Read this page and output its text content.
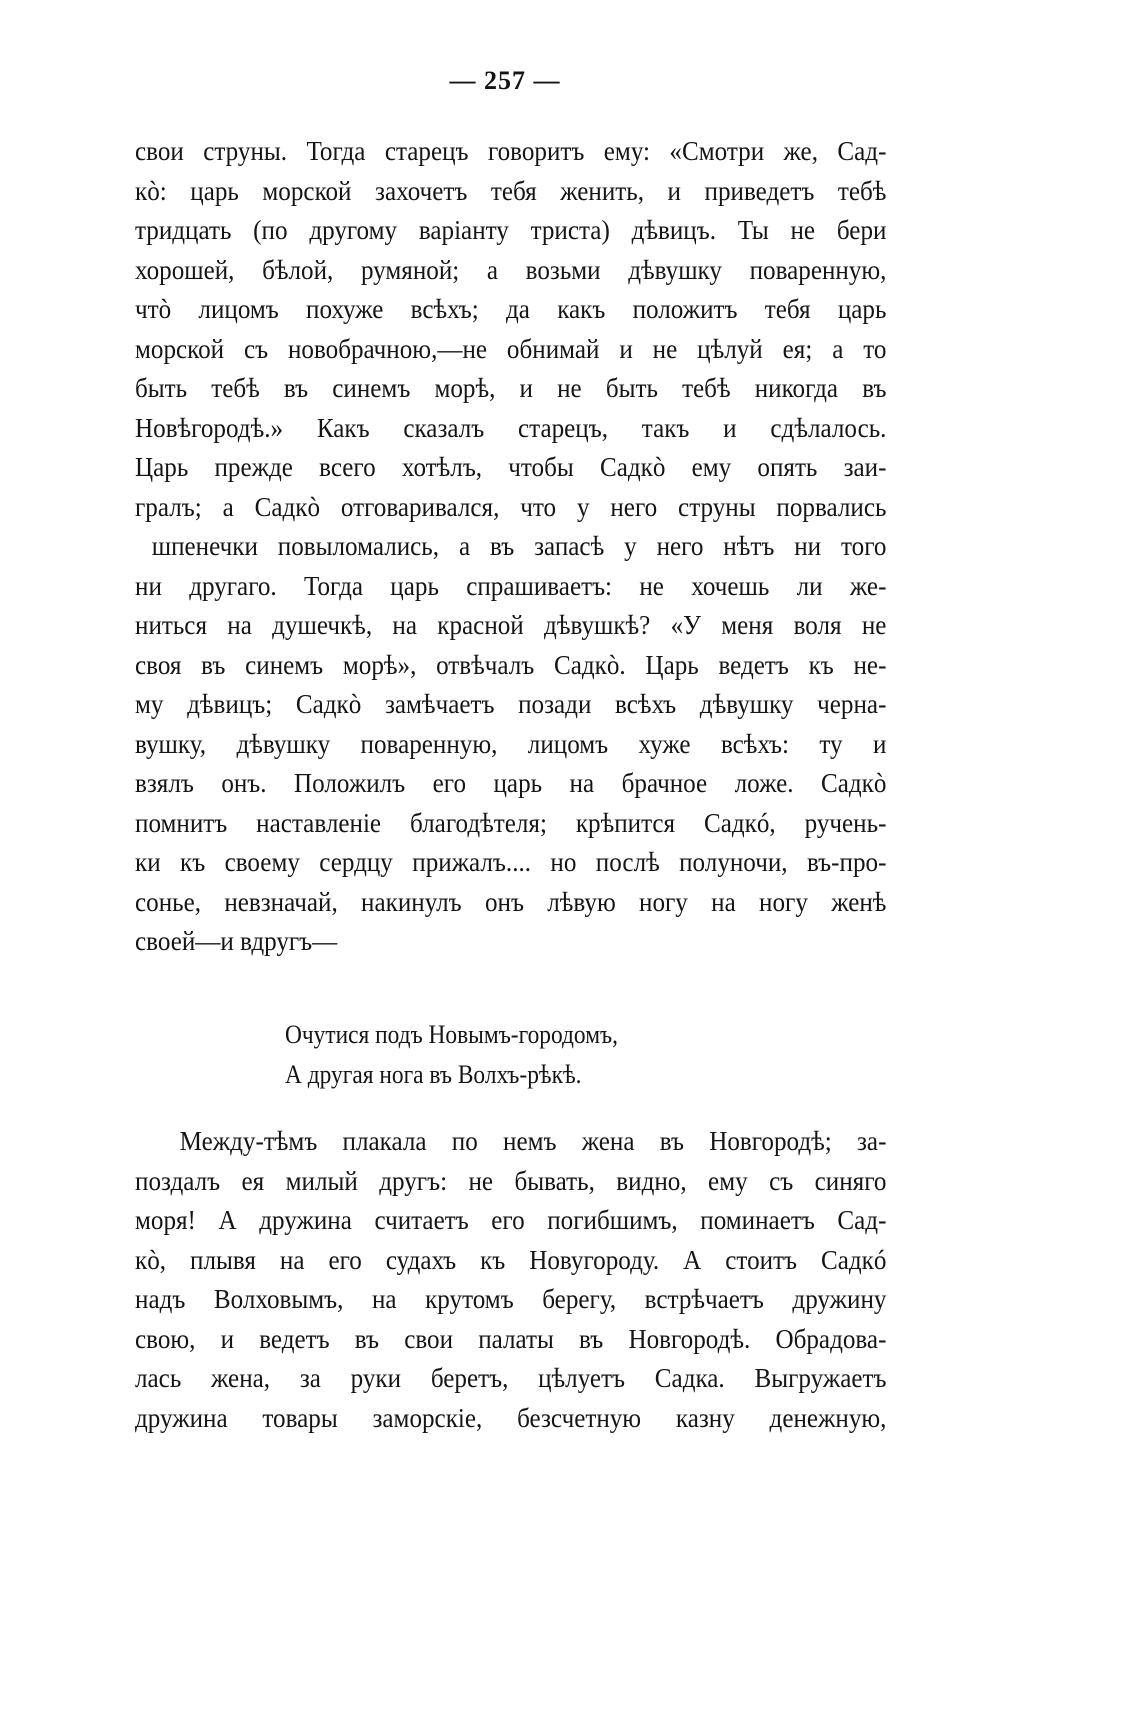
— 257 —
свои струны. Тогда старецъ говоритъ ему: «Смотри же, Сад-
кò: царь морской захочетъ тебя женить, и приведетъ тебѣ
тридцать (по другому варіанту триста) дѣвицъ. Ты не бери
хорошей, бѣлой, румяной; а возьми дѣвушку поваренную,
чтò лицомъ похуже всѣхъ; да какъ положитъ тебя царь
морской съ новобрачною,—не обнимай и не цѣлуй ея; а то
быть тебѣ въ синемъ морѣ, и не быть тебѣ никогда въ
Новѣгородѣ.» Какъ сказалъ старецъ, такъ и сдѣлалось.
Царь прежде всего хотѣлъ, чтобы Садкò ему опять заи-
гралъ; а Садкò отговаривался, что у него струны порвались
шпенечки повыломались, а въ запасѣ у него нѣтъ ни того
ни другаго. Тогда царь спрашиваетъ: не хочешь ли же-
ниться на душечкѣ, на красной дѣвушкѣ? «У меня воля не
своя въ синемъ морѣ», отвѣчалъ Садкò. Царь ведетъ къ не-
му дѣвицъ; Садкò замѣчаетъ позади всѣхъ дѣвушку черна-
вушку, дѣвушку поваренную, лицомъ хуже всѣхъ: ту и
взялъ онъ. Положилъ его царь на брачное ложе. Садкò
помнитъ наставленіе благодѣтеля; крѣпится Садкó, ручень-
ки къ своему сердцу прижалъ.... но послѣ полуночи, въ-про-
сонье, невзначай, накинулъ онъ лѣвую ногу на ногу женѣ
своей—и вдругъ—
Очутися подъ Новымъ-городомъ,
А другая нога въ Волхъ-рѣкѣ.
Между-тѣмъ плакала по немъ жена въ Новгородѣ; за-
поздалъ ея милый другъ: не бывать, видно, ему съ синяго
моря! А дружина считаетъ его погибшимъ, поминаетъ Сад-
кò, плывя на его судахъ къ Новугороду. А стоитъ Садкó
надъ Волховымъ, на крутомъ берегу, встрѣчаетъ дружину
свою, и ведетъ въ свои палаты въ Новгородѣ. Обрадова-
лась жена, за руки беретъ, цѣлуетъ Садка. Выгружаетъ
дружина товары заморскіе, безсчетную казну денежную,
